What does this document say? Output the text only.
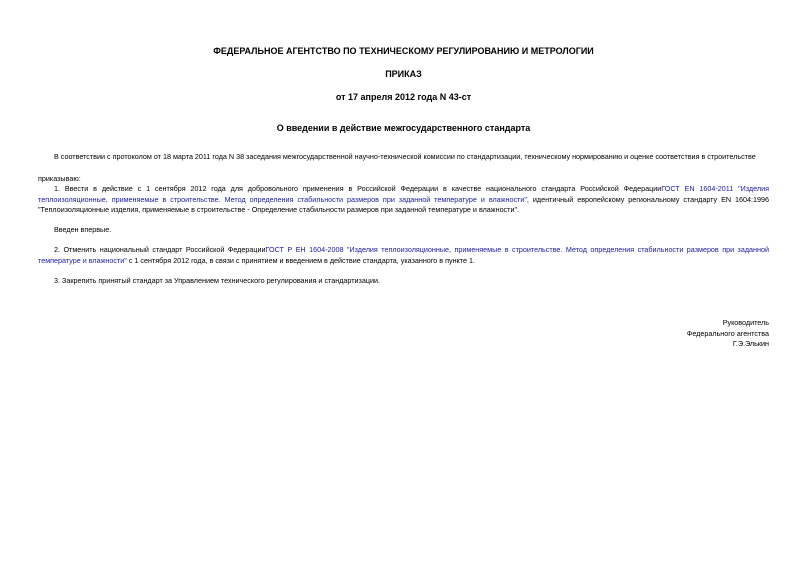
ФЕДЕРАЛЬНОЕ АГЕНТСТВО ПО ТЕХНИЧЕСКОМУ РЕГУЛИРОВАНИЮ И МЕТРОЛОГИИ
ПРИКАЗ
от 17 апреля 2012 года N 43-ст
О введении в действие межгосударственного стандарта
В соответствии с протоколом от 18 марта 2011 года N 38 заседания межгосударственной научно-технической комиссии по стандартизации, техническому нормированию и оценке соответствия в строительстве
приказываю:
1. Ввести в действие с 1 сентября 2012 года для добровольного применения в Российской Федерации в качестве национального стандарта Российской ФедерацииГОСТ EN 1604-2011 "Изделия теплоизоляционные, применяемые в строительстве. Метод определения стабильности размеров при заданной температуре и влажности", идентичный европейскому региональному стандарту EN 1604:1996 "Теплоизоляционные изделия, применяемые в строительстве - Определение стабильности размеров при заданной температуре и влажности".
Введен впервые.
2. Отменить национальный стандарт Российской ФедерацииГОСТ Р ЕН 1604-2008 "Изделия теплоизоляционные, применяемые в строительстве. Метод определения стабильности размеров при заданной температуре и влажности" с 1 сентября 2012 года, в связи с принятием и введением в действие стандарта, указанного в пункте 1.
3. Закрепить принятый стандарт за Управлением технического регулирования и стандартизации.
Руководитель
Федерального агентства
Г.Э.Элькин
